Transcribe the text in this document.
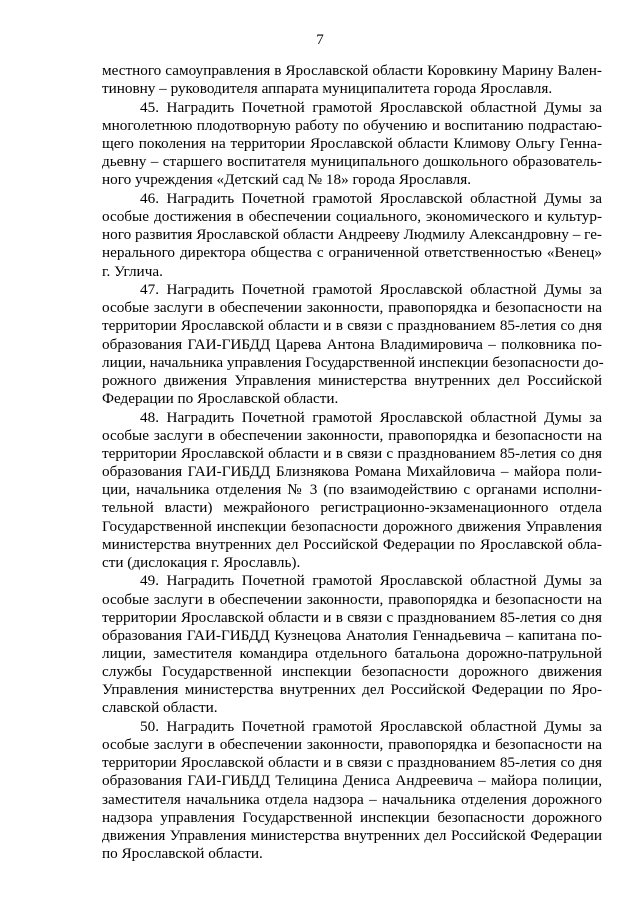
7
местного самоуправления в Ярославской области Коровкину Марину Вален-
тиновну – руководителя аппарата муниципалитета города Ярославля.
45. Наградить Почетной грамотой Ярославской областной Думы за
многолетнюю плодотворную работу по обучению и воспитанию подрастаю-
щего поколения на территории Ярославской области Климову Ольгу Генна-
дьевну – старшего воспитателя муниципального дошкольного образователь-
ного учреждения «Детский сад № 18» города Ярославля.
46. Наградить Почетной грамотой Ярославской областной Думы за
особые достижения в обеспечении социального, экономического и культур-
ного развития Ярославской области Андрееву Людмилу Александровну – ге-
нерального директора общества с ограниченной ответственностью «Венец»
г. Углича.
47. Наградить Почетной грамотой Ярославской областной Думы за
особые заслуги в обеспечении законности, правопорядка и безопасности на
территории Ярославской области и в связи с празднованием 85-летия со дня
образования ГАИ-ГИБДД Царева Антона Владимировича – полковника по-
лиции, начальника управления Государственной инспекции безопасности до-
рожного движения Управления министерства внутренних дел Российской
Федерации по Ярославской области.
48. Наградить Почетной грамотой Ярославской областной Думы за
особые заслуги в обеспечении законности, правопорядка и безопасности на
территории Ярославской области и в связи с празднованием 85-летия со дня
образования ГАИ-ГИБДД Близнякова Романа Михайловича – майора поли-
ции, начальника отделения № 3 (по взаимодействию с органами исполни-
тельной власти) межрайоного регистрационно-экзаменационного отдела
Государственной инспекции безопасности дорожного движения Управления
министерства внутренних дел Российской Федерации по Ярославской обла-
сти (дислокация г. Ярославль).
49. Наградить Почетной грамотой Ярославской областной Думы за
особые заслуги в обеспечении законности, правопорядка и безопасности на
территории Ярославской области и в связи с празднованием 85-летия со дня
образования ГАИ-ГИБДД Кузнецова Анатолия Геннадьевича – капитана по-
лиции, заместителя командира отдельного батальона дорожно-патрульной
службы Государственной инспекции безопасности дорожного движения
Управления министерства внутренних дел Российской Федерации по Яро-
славской области.
50. Наградить Почетной грамотой Ярославской областной Думы за
особые заслуги в обеспечении законности, правопорядка и безопасности на
территории Ярославской области и в связи с празднованием 85-летия со дня
образования ГАИ-ГИБДД Телицина Дениса Андреевича – майора полиции,
заместителя начальника отдела надзора – начальника отделения дорожного
надзора управления Государственной инспекции безопасности дорожного
движения Управления министерства внутренних дел Российской Федерации
по Ярославской области.
